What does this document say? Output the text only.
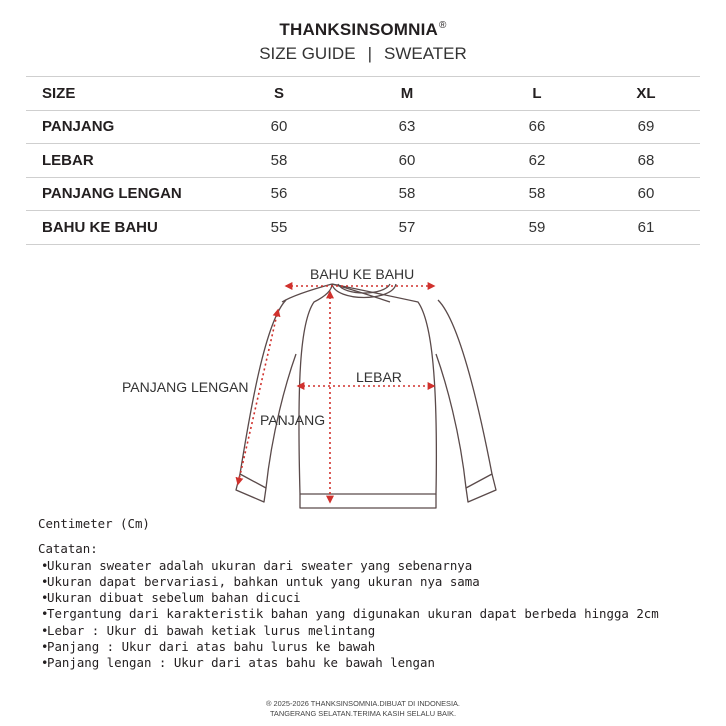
THANKSINSOMNIA®
SIZE GUIDE | SWEATER
SIZE	S	M	L	XL
PANJANG	60	63	66	69
LEBAR	58	60	62	68
PANJANG LENGAN	56	58	58	60
BAHU KE BAHU	55	57	59	61
BAHU KE BAHU
PANJANG LENGAN
LEBAR
PANJANG
Centimeter (Cm)
Catatan:
•Ukuran sweater adalah ukuran dari sweater yang sebenarnya
•Ukuran dapat bervariasi, bahkan untuk yang ukuran nya sama
•Ukuran dibuat sebelum bahan dicuci
•Tergantung dari karakteristik bahan yang digunakan ukuran dapat berbeda hingga 2cm
•Lebar : Ukur di bawah ketiak lurus melintang
•Panjang : Ukur dari atas bahu lurus ke bawah
•Panjang lengan : Ukur dari atas bahu ke bawah lengan
® 2025-2026 THANKSINSOMNIA.DIBUAT DI INDONESIA.
TANGERANG SELATAN.TERIMA KASIH SELALU BAIK.
